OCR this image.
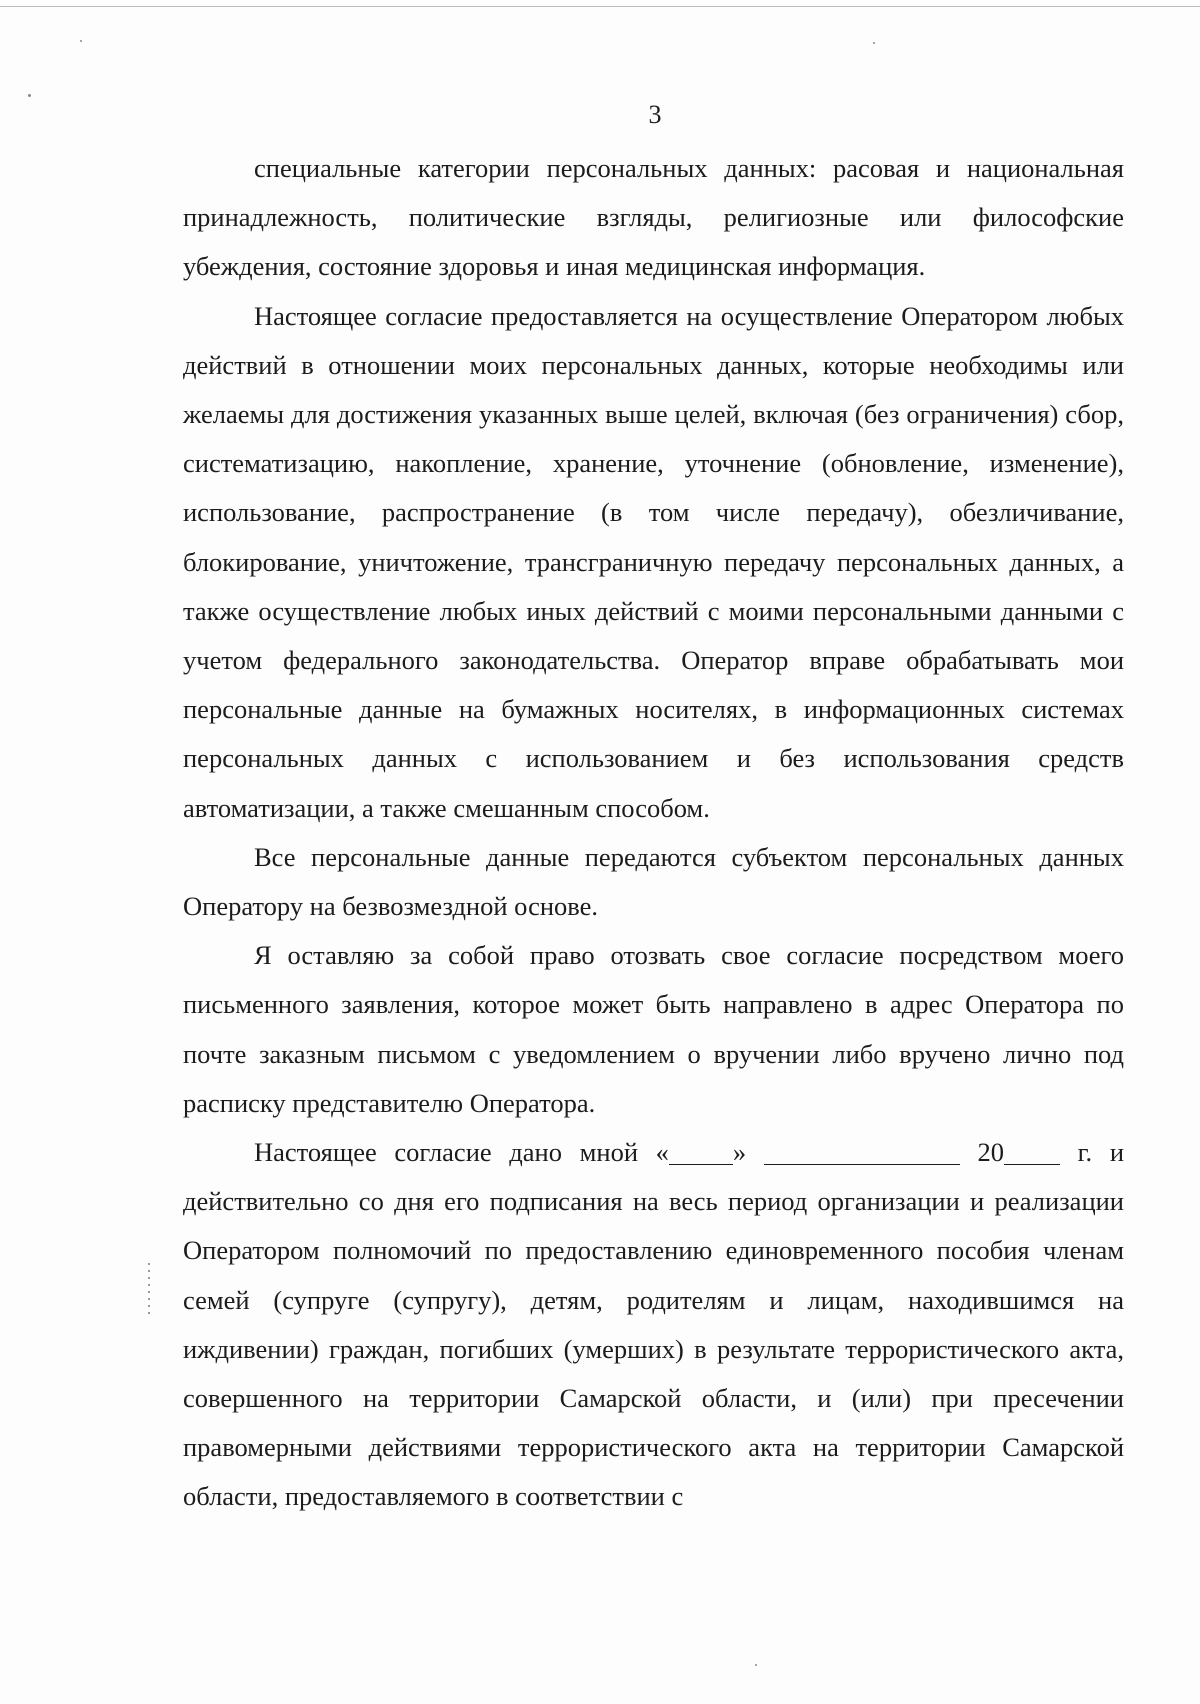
3

специальные категории персональных данных: расовая и национальная принадлежность, политические взгляды, религиозные или философские убеждения, состояние здоровья и иная медицинская информация.

Настоящее согласие предоставляется на осуществление Оператором любых действий в отношении моих персональных данных, которые необходимы или желаемы для достижения указанных выше целей, включая (без ограничения) сбор, систематизацию, накопление, хранение, уточнение (обновление, изменение), использование, распространение (в том числе передачу), обезличивание, блокирование, уничтожение, трансграничную передачу персональных данных, а также осуществление любых иных действий с моими персональными данными с учетом федерального законодательства. Оператор вправе обрабатывать мои персональные данные на бумажных носителях, в информационных системах персональных данных с использованием и без использования средств автоматизации, а также смешанным способом.

Все персональные данные передаются субъектом персональных данных Оператору на безвозмездной основе.

Я оставляю за собой право отозвать свое согласие посредством моего письменного заявления, которое может быть направлено в адрес Оператора по почте заказным письмом с уведомлением о вручении либо вручено лично под расписку представителю Оператора.

Настоящее согласие дано мной « »	20	г. и действительно со дня его подписания на весь период организации и реализации Оператором полномочий по предоставлению единовременного пособия членам семей (супруге (супругу), детям, родителям и лицам, находившимся на иждивении) граждан, погибших (умерших) в результате террористического акта, совершенного на территории Самарской области, и (или) при пресечении правомерными действиями террористического акта на территории Самарской области, предоставляемого в соответствии с
